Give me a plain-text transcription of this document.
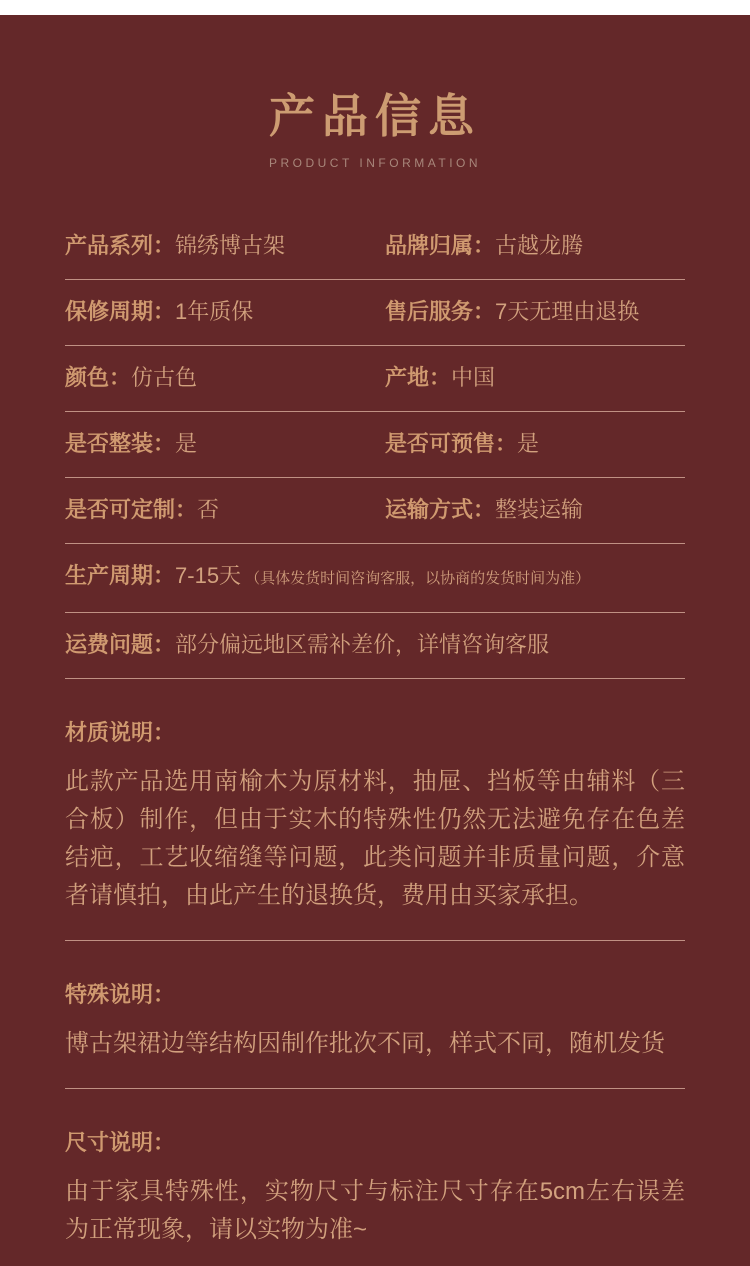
产品信息
PRODUCT INFORMATION
产品系列： 锦绣博古架	品牌归属： 古越龙腾
保修周期： 1年质保	售后服务： 7天无理由退换
颜色： 仿古色	产地： 中国
是否整装： 是	是否可预售： 是
是否可定制： 否	运输方式： 整装运输
生产周期： 7-15天 （具体发货时间咨询客服，以协商的发货时间为准）
运费问题： 部分偏远地区需补差价，详情咨询客服
材质说明：
此款产品选用南榆木为原材料，抽屉、挡板等由辅料（三合板）制作，但由于实木的特殊性仍然无法避免存在色差结疤，工艺收缩缝等问题，此类问题并非质量问题，介意者请慎拍，由此产生的退换货，费用由买家承担。
特殊说明：
博古架裙边等结构因制作批次不同，样式不同，随机发货
尺寸说明：
由于家具特殊性，实物尺寸与标注尺寸存在5cm左右误差为正常现象，请以实物为准~
